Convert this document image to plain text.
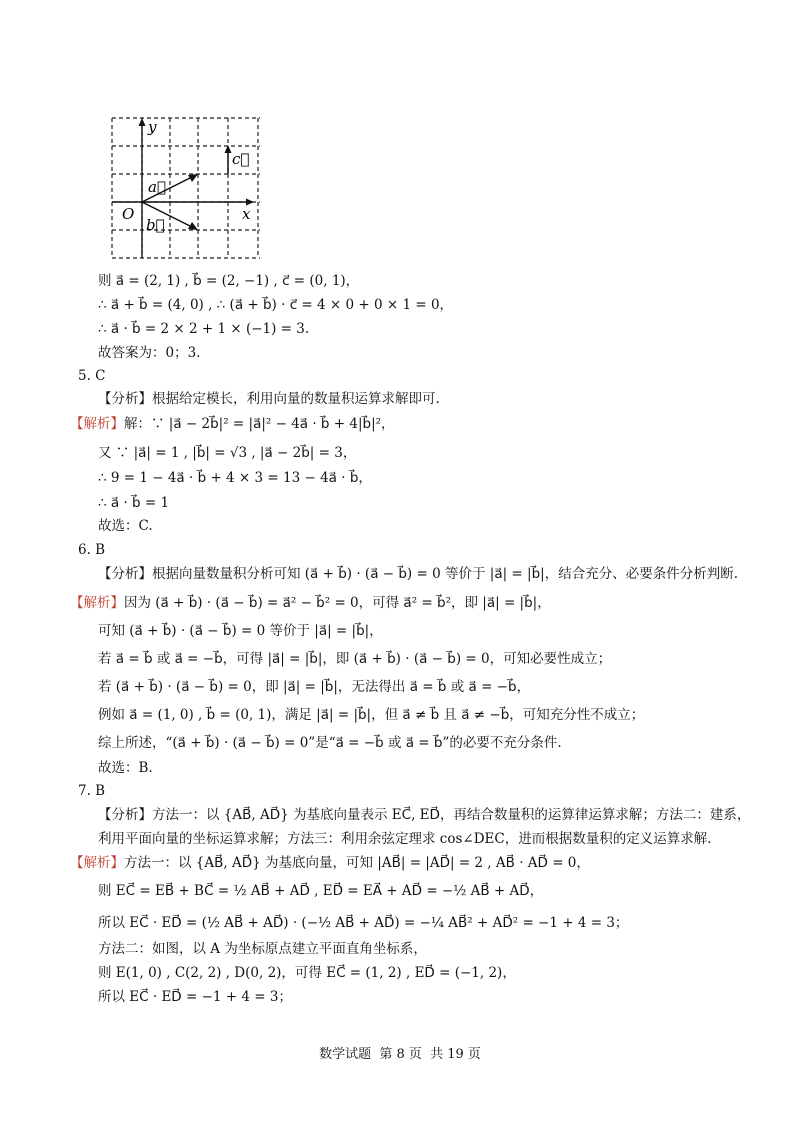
y
x
O
a⃗
b⃗
c⃗
则 a⃗ = (2, 1) , b⃗ = (2, −1) , c⃗ = (0, 1)，
∴ a⃗ + b⃗ = (4, 0) , ∴ (a⃗ + b⃗) · c⃗ = 4 × 0 + 0 × 1 = 0，
∴ a⃗ · b⃗ = 2 × 2 + 1 × (−1) = 3.
故答案为：0；3.
5. C
【分析】根据给定模长，利用向量的数量积运算求解即可.
【解析】解：∵ |a⃗ − 2b⃗|² = |a⃗|² − 4a⃗ · b⃗ + 4|b⃗|²，
又 ∵ |a⃗| = 1 , |b⃗| = √3 , |a⃗ − 2b⃗| = 3，
∴ 9 = 1 − 4a⃗ · b⃗ + 4 × 3 = 13 − 4a⃗ · b⃗，
∴ a⃗ · b⃗ = 1
故选：C.
6. B
【分析】根据向量数量积分析可知 (a⃗ + b⃗) · (a⃗ − b⃗) = 0 等价于 |a⃗| = |b⃗|，结合充分、必要条件分析判断.
【解析】因为 (a⃗ + b⃗) · (a⃗ − b⃗) = a⃗² − b⃗² = 0，可得 a⃗² = b⃗²，即 |a⃗| = |b⃗|，
可知 (a⃗ + b⃗) · (a⃗ − b⃗) = 0 等价于 |a⃗| = |b⃗|，
若 a⃗ = b⃗ 或 a⃗ = −b⃗，可得 |a⃗| = |b⃗|，即 (a⃗ + b⃗) · (a⃗ − b⃗) = 0，可知必要性成立；
若 (a⃗ + b⃗) · (a⃗ − b⃗) = 0，即 |a⃗| = |b⃗|，无法得出 a⃗ = b⃗ 或 a⃗ = −b⃗，
例如 a⃗ = (1, 0) , b⃗ = (0, 1)，满足 |a⃗| = |b⃗|，但 a⃗ ≠ b⃗ 且 a⃗ ≠ −b⃗，可知充分性不成立；
综上所述，“(a⃗ + b⃗) · (a⃗ − b⃗) = 0”是“a⃗ = −b⃗ 或 a⃗ = b⃗”的必要不充分条件.
故选：B.
7. B
【分析】方法一：以 {AB⃗, AD⃗} 为基底向量表示 EC⃗, ED⃗，再结合数量积的运算律运算求解；方法二：建系，
利用平面向量的坐标运算求解；方法三：利用余弦定理求 cos∠DEC，进而根据数量积的定义运算求解.
【解析】方法一：以 {AB⃗, AD⃗} 为基底向量，可知 |AB⃗| = |AD⃗| = 2 , AB⃗ · AD⃗ = 0，
则 EC⃗ = EB⃗ + BC⃗ = ½ AB⃗ + AD⃗ , ED⃗ = EA⃗ + AD⃗ = −½ AB⃗ + AD⃗，
所以 EC⃗ · ED⃗ = (½ AB⃗ + AD⃗) · (−½ AB⃗ + AD⃗) = −¼ AB⃗² + AD⃗² = −1 + 4 = 3；
方法二：如图，以 A 为坐标原点建立平面直角坐标系，
则 E(1, 0) , C(2, 2) , D(0, 2)，可得 EC⃗ = (1, 2) , ED⃗ = (−1, 2)，
所以 EC⃗ · ED⃗ = −1 + 4 = 3；
数学试题  第 8 页  共 19 页
